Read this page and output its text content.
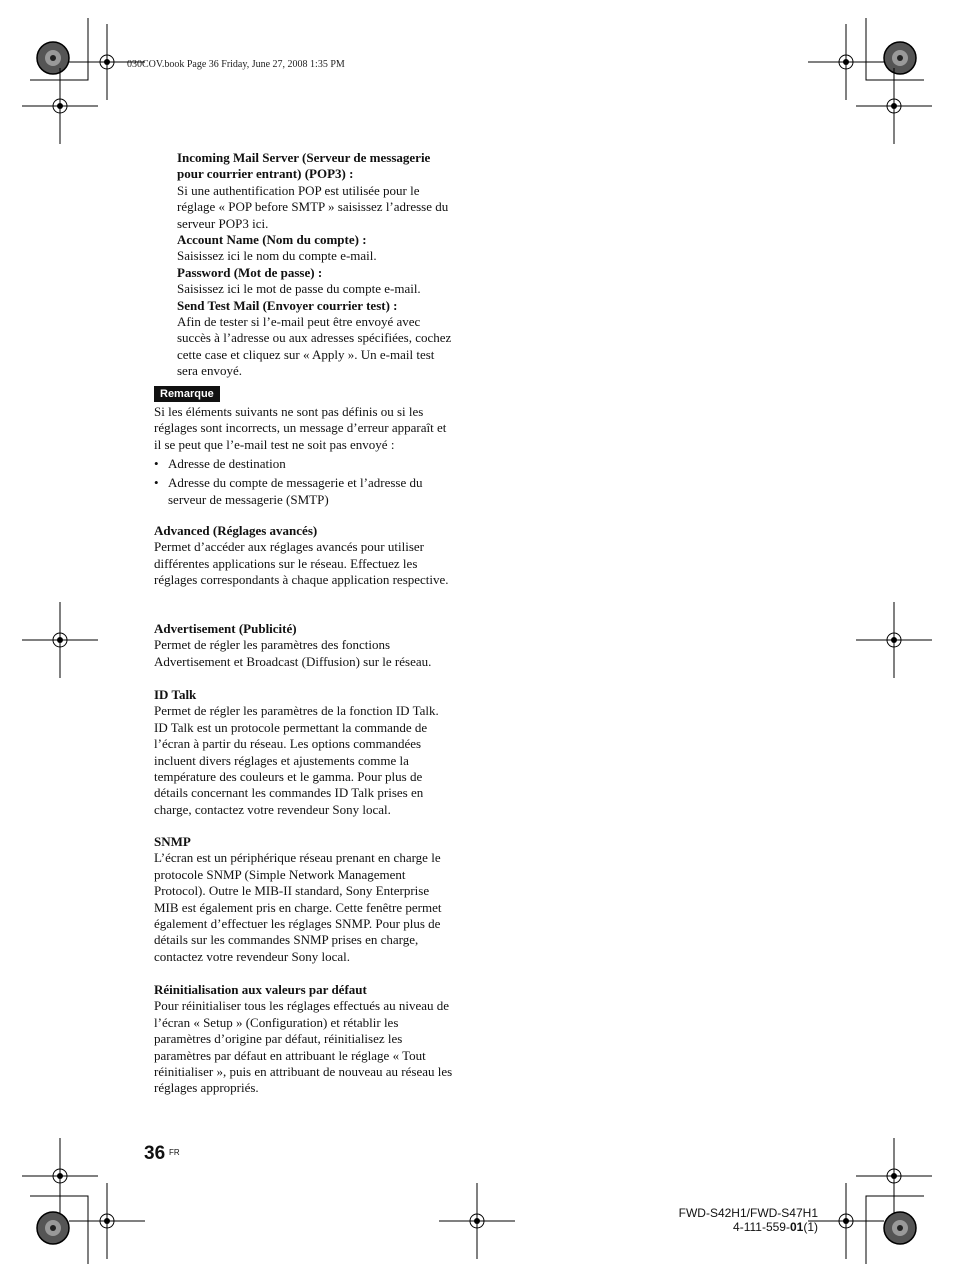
030COV.book Page 36 Friday, June 27, 2008 1:35 PM

Incoming Mail Server (Serveur de messagerie pour courrier entrant) (POP3) :

Si une authentification POP est utilisée pour le réglage « POP before SMTP » saisissez l’adresse du serveur POP3 ici.

Account Name (Nom du compte) :

Saisissez ici le nom du compte e-mail.

Password (Mot de passe) :

Saisissez ici le mot de passe du compte e-mail.

Send Test Mail (Envoyer courrier test) :

Afin de tester si l’e-mail peut être envoyé avec succès à l’adresse ou aux adresses spécifiées, cochez cette case et cliquez sur « Apply ». Un e-mail test sera envoyé.

Remarque

Si les éléments suivants ne sont pas définis ou si les réglages sont incorrects, un message d’erreur apparaît et il se peut que l’e-mail test ne soit pas envoyé :

• Adresse de destination
• Adresse du compte de messagerie et l’adresse du serveur de messagerie (SMTP)

Advanced (Réglages avancés)

Permet d’accéder aux réglages avancés pour utiliser différentes applications sur le réseau. Effectuez les réglages correspondants à chaque application respective.

Advertisement (Publicité)

Permet de régler les paramètres des fonctions Advertisement et Broadcast (Diffusion) sur le réseau.

ID Talk

Permet de régler les paramètres de la fonction ID Talk. ID Talk est un protocole permettant la commande de l’écran à partir du réseau. Les options commandées incluent divers réglages et ajustements comme la température des couleurs et le gamma. Pour plus de détails concernant les commandes ID Talk prises en charge, contactez votre revendeur Sony local.

SNMP

L’écran est un périphérique réseau prenant en charge le protocole SNMP (Simple Network Management Protocol). Outre le MIB-II standard, Sony Enterprise MIB est également pris en charge. Cette fenêtre permet également d’effectuer les réglages SNMP. Pour plus de détails sur les commandes SNMP prises en charge, contactez votre revendeur Sony local.

Réinitialisation aux valeurs par défaut

Pour réinitialiser tous les réglages effectués au niveau de l’écran « Setup » (Configuration) et rétablir les paramètres d’origine par défaut, réinitialisez les paramètres par défaut en attribuant le réglage « Tout réinitialiser », puis en attribuant de nouveau au réseau les réglages appropriés.

36 FR
FWD-S42H1/FWD-S47H1
4-111-559-01(1)
